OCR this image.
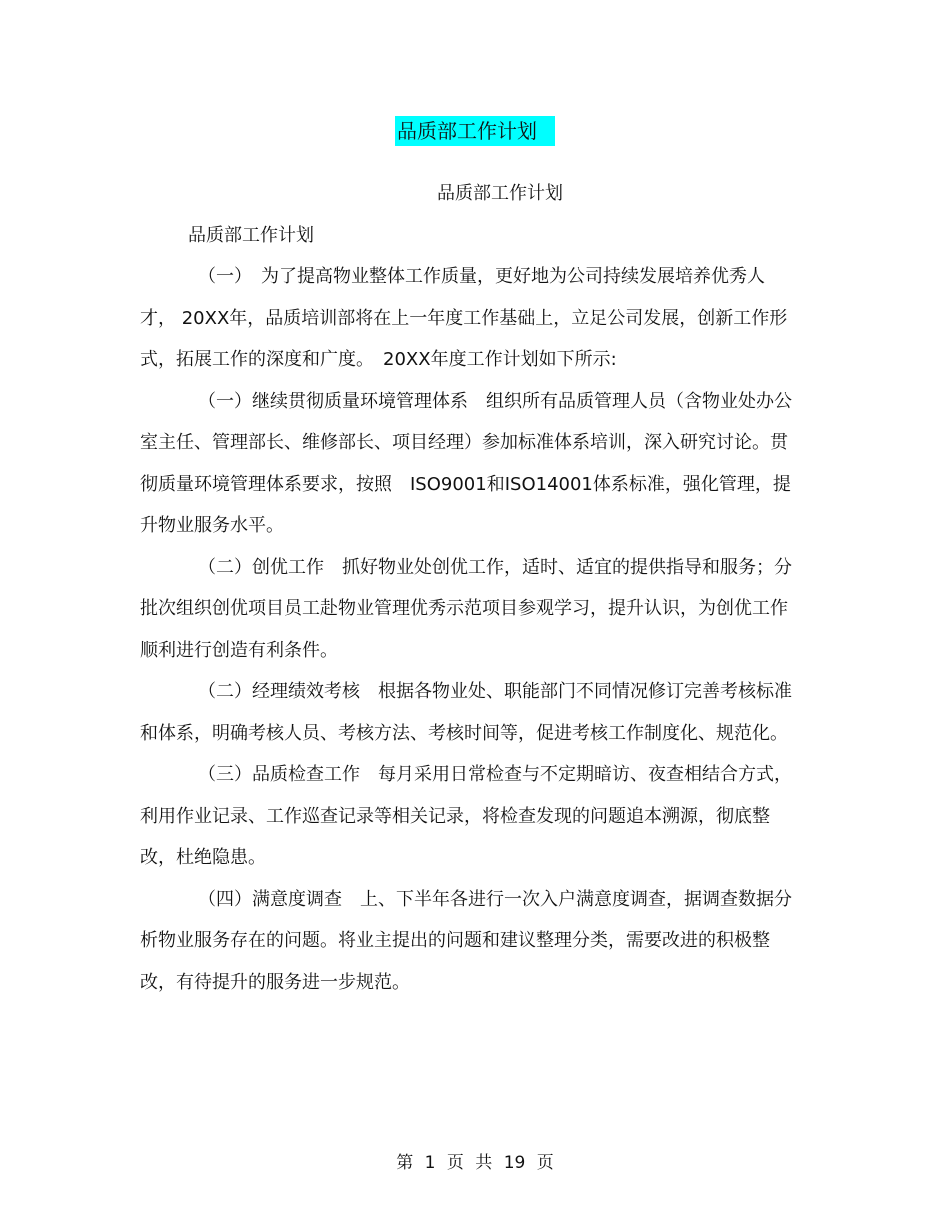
品质部工作计划

品质部工作计划

品质部工作计划

（一）　为了提高物业整体工作质量，更好地为公司持续发展培养优秀人才， 20XX年，品质培训部将在上一年度工作基础上，立足公司发展，创新工作形式，拓展工作的深度和广度。　20XX年度工作计划如下所示:

（一）继续贯彻质量环境管理体系　组织所有品质管理人员（含物业处办公室主任、管理部长、维修部长、项目经理）参加标准体系培训，深入研究讨论。贯彻质量环境管理体系要求，按照　ISO9001和ISO14001体系标准，强化管理，提升物业服务水平。

（二）创优工作　抓好物业处创优工作，适时、适宜的提供指导和服务；分批次组织创优项目员工赴物业管理优秀示范项目参观学习，提升认识，为创优工作顺利进行创造有利条件。

（二）经理绩效考核　根据各物业处、职能部门不同情况修订完善考核标准和体系，明确考核人员、考核方法、考核时间等，促进考核工作制度化、规范化。

（三）品质检查工作　每月采用日常检查与不定期暗访、夜查相结合方式，利用作业记录、工作巡查记录等相关记录，将检查发现的问题追本溯源，彻底整改，杜绝隐患。

（四）满意度调查　上、下半年各进行一次入户满意度调查，据调查数据分析物业服务存在的问题。将业主提出的问题和建议整理分类，需要改进的积极整改，有待提升的服务进一步规范。

第 1 页 共 19 页
